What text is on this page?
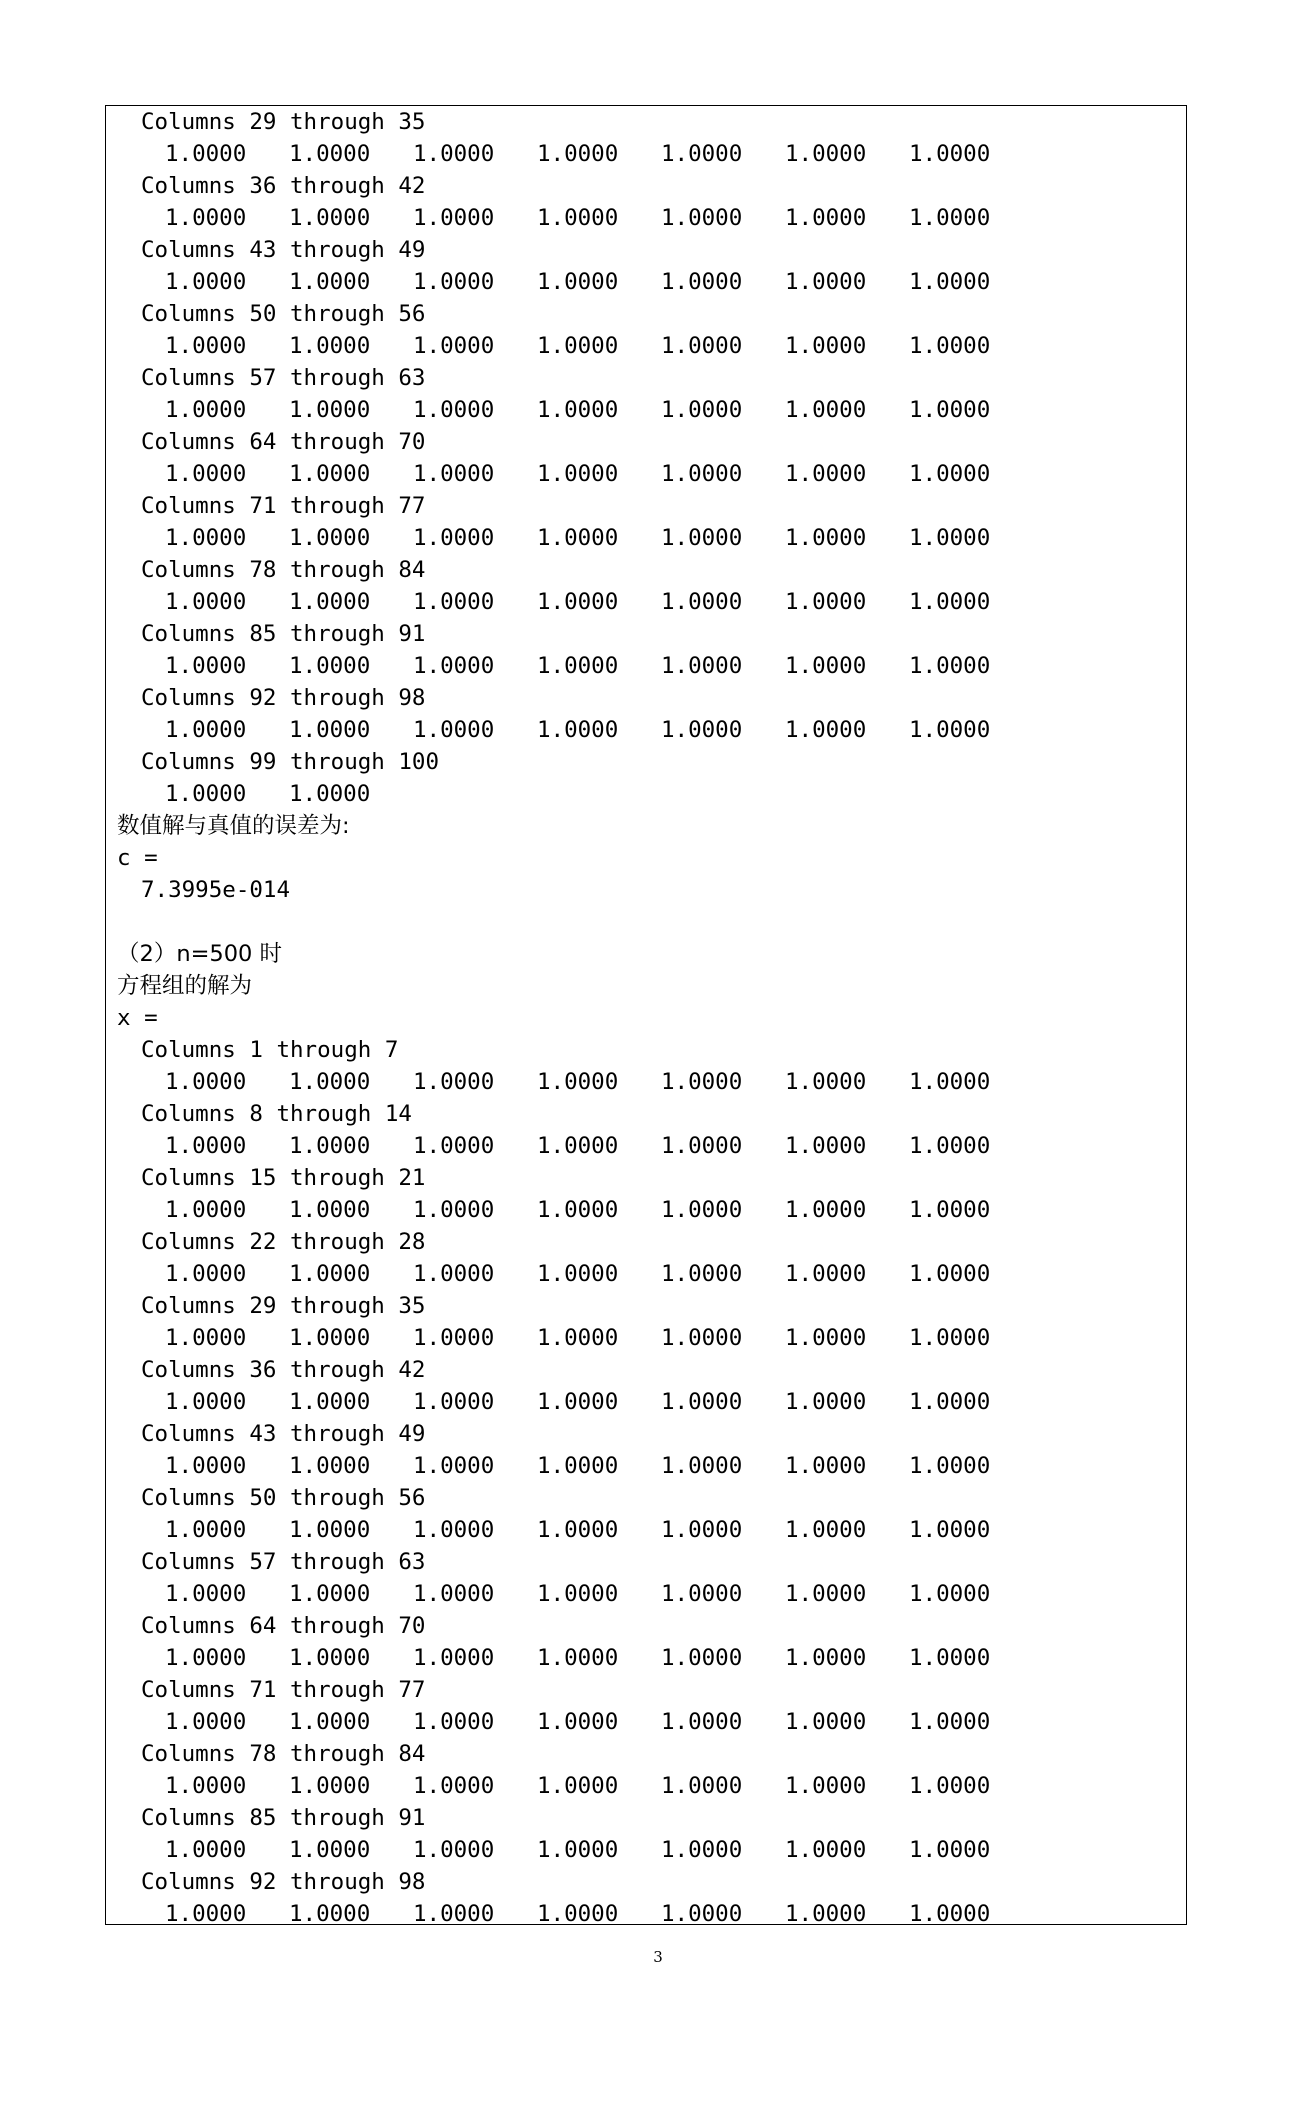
Columns 29 through 35
1.0000 1.0000 1.0000 1.0000 1.0000 1.0000 1.0000
Columns 36 through 42
1.0000 1.0000 1.0000 1.0000 1.0000 1.0000 1.0000
Columns 43 through 49
1.0000 1.0000 1.0000 1.0000 1.0000 1.0000 1.0000
Columns 50 through 56
1.0000 1.0000 1.0000 1.0000 1.0000 1.0000 1.0000
Columns 57 through 63
1.0000 1.0000 1.0000 1.0000 1.0000 1.0000 1.0000
Columns 64 through 70
1.0000 1.0000 1.0000 1.0000 1.0000 1.0000 1.0000
Columns 71 through 77
1.0000 1.0000 1.0000 1.0000 1.0000 1.0000 1.0000
Columns 78 through 84
1.0000 1.0000 1.0000 1.0000 1.0000 1.0000 1.0000
Columns 85 through 91
1.0000 1.0000 1.0000 1.0000 1.0000 1.0000 1.0000
Columns 92 through 98
1.0000 1.0000 1.0000 1.0000 1.0000 1.0000 1.0000
Columns 99 through 100
1.0000 1.0000
数值解与真值的误差为:
c =
7.3995e-014
（2）n=500 时
方程组的解为
x =
Columns 1 through 7
1.0000 1.0000 1.0000 1.0000 1.0000 1.0000 1.0000
Columns 8 through 14
1.0000 1.0000 1.0000 1.0000 1.0000 1.0000 1.0000
Columns 15 through 21
1.0000 1.0000 1.0000 1.0000 1.0000 1.0000 1.0000
Columns 22 through 28
1.0000 1.0000 1.0000 1.0000 1.0000 1.0000 1.0000
Columns 29 through 35
1.0000 1.0000 1.0000 1.0000 1.0000 1.0000 1.0000
Columns 36 through 42
1.0000 1.0000 1.0000 1.0000 1.0000 1.0000 1.0000
Columns 43 through 49
1.0000 1.0000 1.0000 1.0000 1.0000 1.0000 1.0000
Columns 50 through 56
1.0000 1.0000 1.0000 1.0000 1.0000 1.0000 1.0000
Columns 57 through 63
1.0000 1.0000 1.0000 1.0000 1.0000 1.0000 1.0000
Columns 64 through 70
1.0000 1.0000 1.0000 1.0000 1.0000 1.0000 1.0000
Columns 71 through 77
1.0000 1.0000 1.0000 1.0000 1.0000 1.0000 1.0000
Columns 78 through 84
1.0000 1.0000 1.0000 1.0000 1.0000 1.0000 1.0000
Columns 85 through 91
1.0000 1.0000 1.0000 1.0000 1.0000 1.0000 1.0000
Columns 92 through 98
1.0000 1.0000 1.0000 1.0000 1.0000 1.0000 1.0000
3
